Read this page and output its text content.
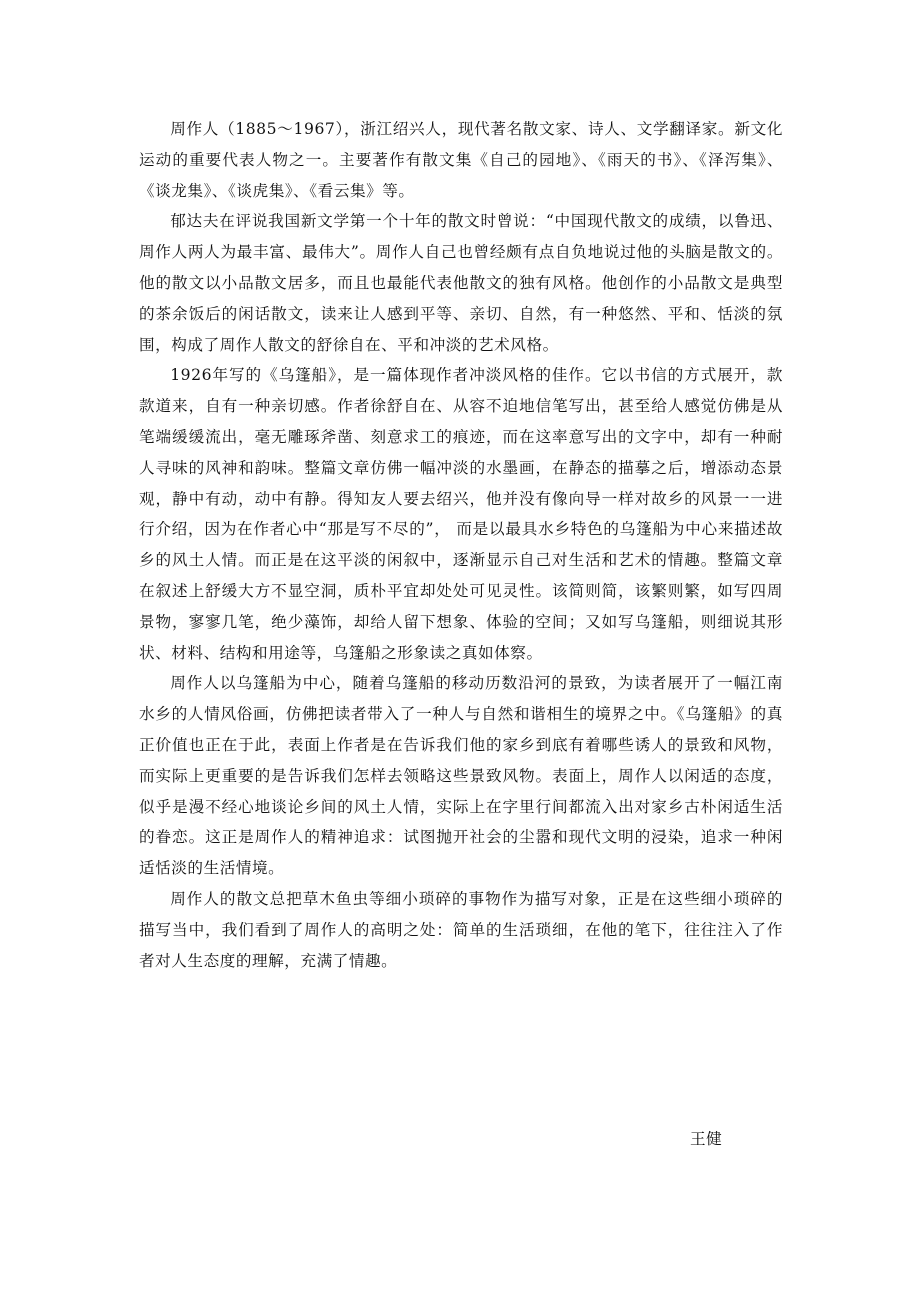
周作人（1885～1967），浙江绍兴人，现代著名散文家、诗人、文学翻译家。新文化运动的重要代表人物之一。主要著作有散文集《自己的园地》、《雨天的书》、《泽泻集》、《谈龙集》、《谈虎集》、《看云集》等。

郁达夫在评说我国新文学第一个十年的散文时曾说：“中国现代散文的成绩，以鲁迅、周作人两人为最丰富、最伟大”。周作人自己也曾经颇有点自负地说过他的头脑是散文的。他的散文以小品散文居多，而且也最能代表他散文的独有风格。他创作的小品散文是典型的茶余饭后的闲话散文，读来让人感到平等、亲切、自然，有一种悠然、平和、恬淡的氛围，构成了周作人散文的舒徐自在、平和冲淡的艺术风格。

1926年写的《乌篷船》，是一篇体现作者冲淡风格的佳作。它以书信的方式展开，款款道来，自有一种亲切感。作者徐舒自在、从容不迫地信笔写出，甚至给人感觉仿佛是从笔端缓缓流出，毫无雕琢斧凿、刻意求工的痕迹，而在这率意写出的文字中，却有一种耐人寻味的风神和韵味。整篇文章仿佛一幅冲淡的水墨画，在静态的描摹之后，增添动态景观，静中有动，动中有静。得知友人要去绍兴，他并没有像向导一样对故乡的风景一一进行介绍，因为在作者心中“那是写不尽的”， 而是以最具水乡特色的乌篷船为中心来描述故乡的风土人情。而正是在这平淡的闲叙中，逐渐显示自己对生活和艺术的情趣。整篇文章在叙述上舒缓大方不显空洞，质朴平宜却处处可见灵性。该简则简，该繁则繁，如写四周景物，寥寥几笔，绝少藻饰，却给人留下想象、体验的空间；又如写乌篷船，则细说其形状、材料、结构和用途等，乌篷船之形象读之真如体察。

周作人以乌篷船为中心，随着乌篷船的移动历数沿河的景致，为读者展开了一幅江南水乡的人情风俗画，仿佛把读者带入了一种人与自然和谐相生的境界之中。《乌篷船》的真正价值也正在于此，表面上作者是在告诉我们他的家乡到底有着哪些诱人的景致和风物，而实际上更重要的是告诉我们怎样去领略这些景致风物。表面上，周作人以闲适的态度，似乎是漫不经心地谈论乡间的风土人情，实际上在字里行间都流入出对家乡古朴闲适生活的眷恋。这正是周作人的精神追求：试图抛开社会的尘嚣和现代文明的浸染，追求一种闲适恬淡的生活情境。

周作人的散文总把草木鱼虫等细小琐碎的事物作为描写对象，正是在这些细小琐碎的描写当中，我们看到了周作人的高明之处：简单的生活琐细，在他的笔下，往往注入了作者对人生态度的理解，充满了情趣。

王健
